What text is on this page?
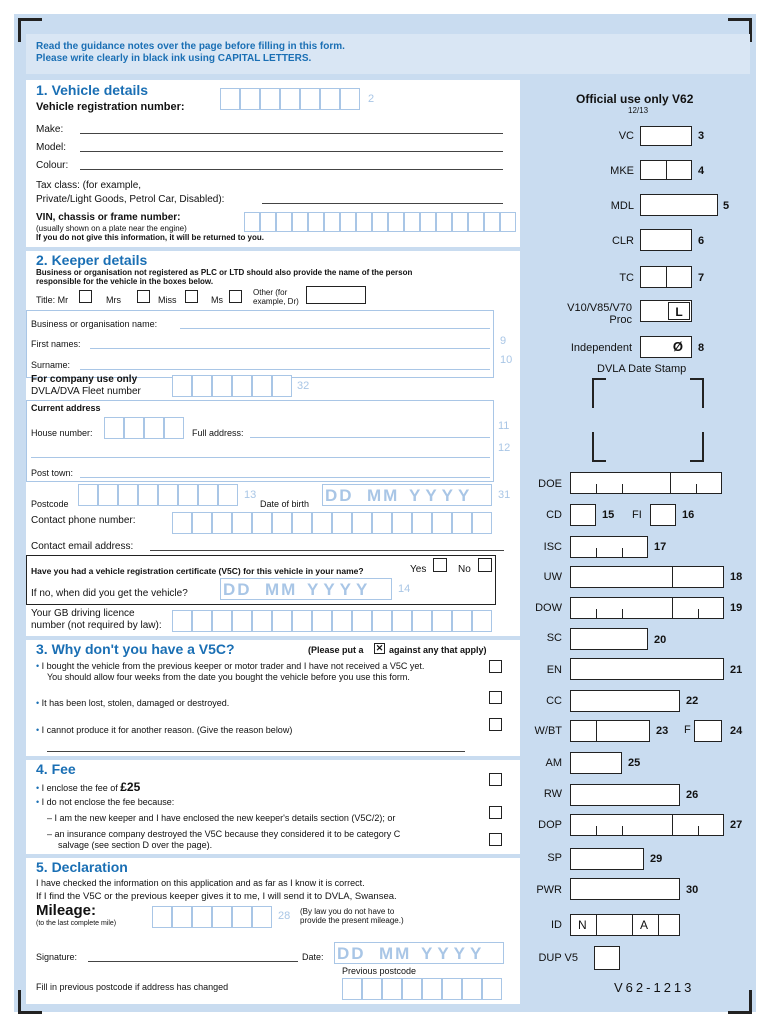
Read the guidance notes over the page before filling in this form.
Please write clearly in black ink using CAPITAL LETTERS.
1. Vehicle details
Vehicle registration number:
2
Make:
Model:
Colour:
Tax class: (for example,
Private/Light Goods, Petrol Car, Disabled):
VIN, chassis or frame number:
(usually shown on a plate near the engine)
If you do not give this information, it will be returned to you.
2. Keeper details
Business or organisation not registered as PLC or LTD should also provide the name of the person
responsible for the vehicle in the boxes below.
Title: Mr	Mrs	Miss	Ms
Other (for
example, Dr)
Business or organisation name:
First names:	9
Surname:	10
For company use only
DVLA/DVA Fleet number	32
Current address
House number:	Full address:
11
12
Post town:
Postcode
13
Date of birth DD MM YYYY 31
Contact phone number:
Contact email address:
Have you had a vehicle registration certificate (V5C) for this vehicle in your name?	Yes	No
If no, when did you get the vehicle? DD MM YYYY 14
Your GB driving licence
number (not required by law):
3. Why don't you have a V5C?	(Please put a ✕ against any that apply)
• I bought the vehicle from the previous keeper or motor trader and I have not received a V5C yet.
You should allow four weeks from the date you bought the vehicle before you use this form.
• It has been lost, stolen, damaged or destroyed.
• I cannot produce it for another reason. (Give the reason below)
4. Fee
• I enclose the fee of £25
• I do not enclose the fee because:
– I am the new keeper and I have enclosed the new keeper's details section (V5C/2); or
– an insurance company destroyed the V5C because they considered it to be category C
salvage (see section D over the page).
5. Declaration
I have checked the information on this application and as far as I know it is correct.
If I find the V5C or the previous keeper gives it to me, I will send it to DVLA, Swansea.
Mileage:
(to the last complete mile)
28 (By law you do not have to
provide the present mileage.)
Signature:	Date: DD MM YYYY
Previous postcode
Fill in previous postcode if address has changed
Official use only V62
12/13
VC	3
MKE	4
MDL	5
CLR	6
TC	7
V10/V85/V70
Proc
L
Independent	Ø	8
DVLA Date Stamp
DOE
CD	15 FI	16
ISC	17
UW	18
DOW	19
SC	20
EN	21
CC	22
W/BT	23 F	24
AM	25
RW	26
DOP	27
SP	29
PWR	30
ID N	A
DUP V5
V62-1213
